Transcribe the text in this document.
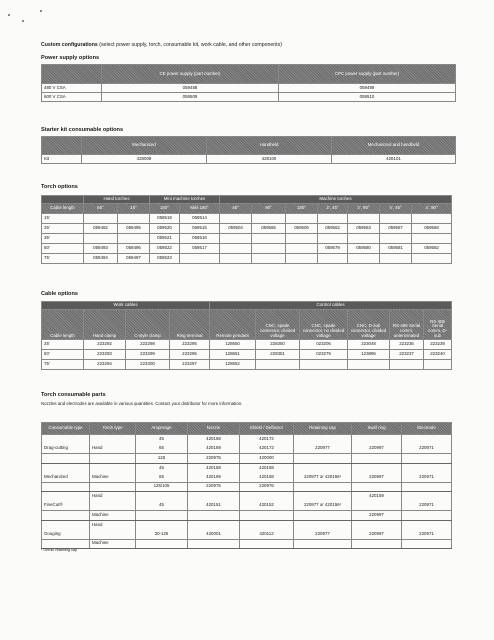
Custom configurations (select power supply, torch, consumable kit, work cable, and other components)
Power supply options
	CE power supply (part number)	CPC power supply (part number)
480 V CSA	059488	059489
600 V CSA	059509	059510
Starter kit consumable options
	Mechanized	Handheld	Mechanized and handheld
Kit	428009	428100	428101
Torch options
	Hand torches		Mini machine torches		Machine torches						
Cable length	65°	15°	180°	Mini 180°	45°	90°	180°	2', 45°	2', 90°	4', 45°	4', 90°
15'			059519	059514							
25'	059482	059495	059520	059515	059504	059565	059506	059562	059563	059567	059568
35'			059521	059516							
50'	059493	059496	059522	059517				059579	059580	059581	059582
75'	059494	059497	059523								
Cable options
Work cables				Control cables					
Cable length	Hand clamp	C-style clamp	Ring terminal	Remote pendant	CNC, spade connector, divided voltage	CNC, spade connector, no divided voltage	CNC, D-sub connector, divided voltage	RS-485 Serial comm, unterminated	RS-485 Serial comm, D-sub
25'	223292	223298	223295	128650	228350	023206	223048	223236	223239
50'	223293	223299	223296	128651	228351	023279	123896	223237	223240
75'	223294	223300	223297	128652					
Torch consumable parts
Nozzles and electrodes are available in various quantities. Contact your distributor for more information.
Consumable type	Torch type	Amperage	Nozzle	Shield / Deflector	Retaining cap	Swirl ring	Electrode
		45	420158	420172			
Drag-cutting	Hand	65	420169	420172	220977	220997	220971
		125	220975	420000			
		45	420158	420168			
Mechanized	Machine	65	420169	420168	220977 or 420156¹	220997	220971
		125/105	220975	220976			
	Hand					420159	
FineCut®		45	420151	420152	220977 or 420156¹		220971
	Machine					220997	
	Hand						
Gouging		30-125	420001	420112	220977	220997	220971
	Machine						
¹ Ohmic retaining cap
